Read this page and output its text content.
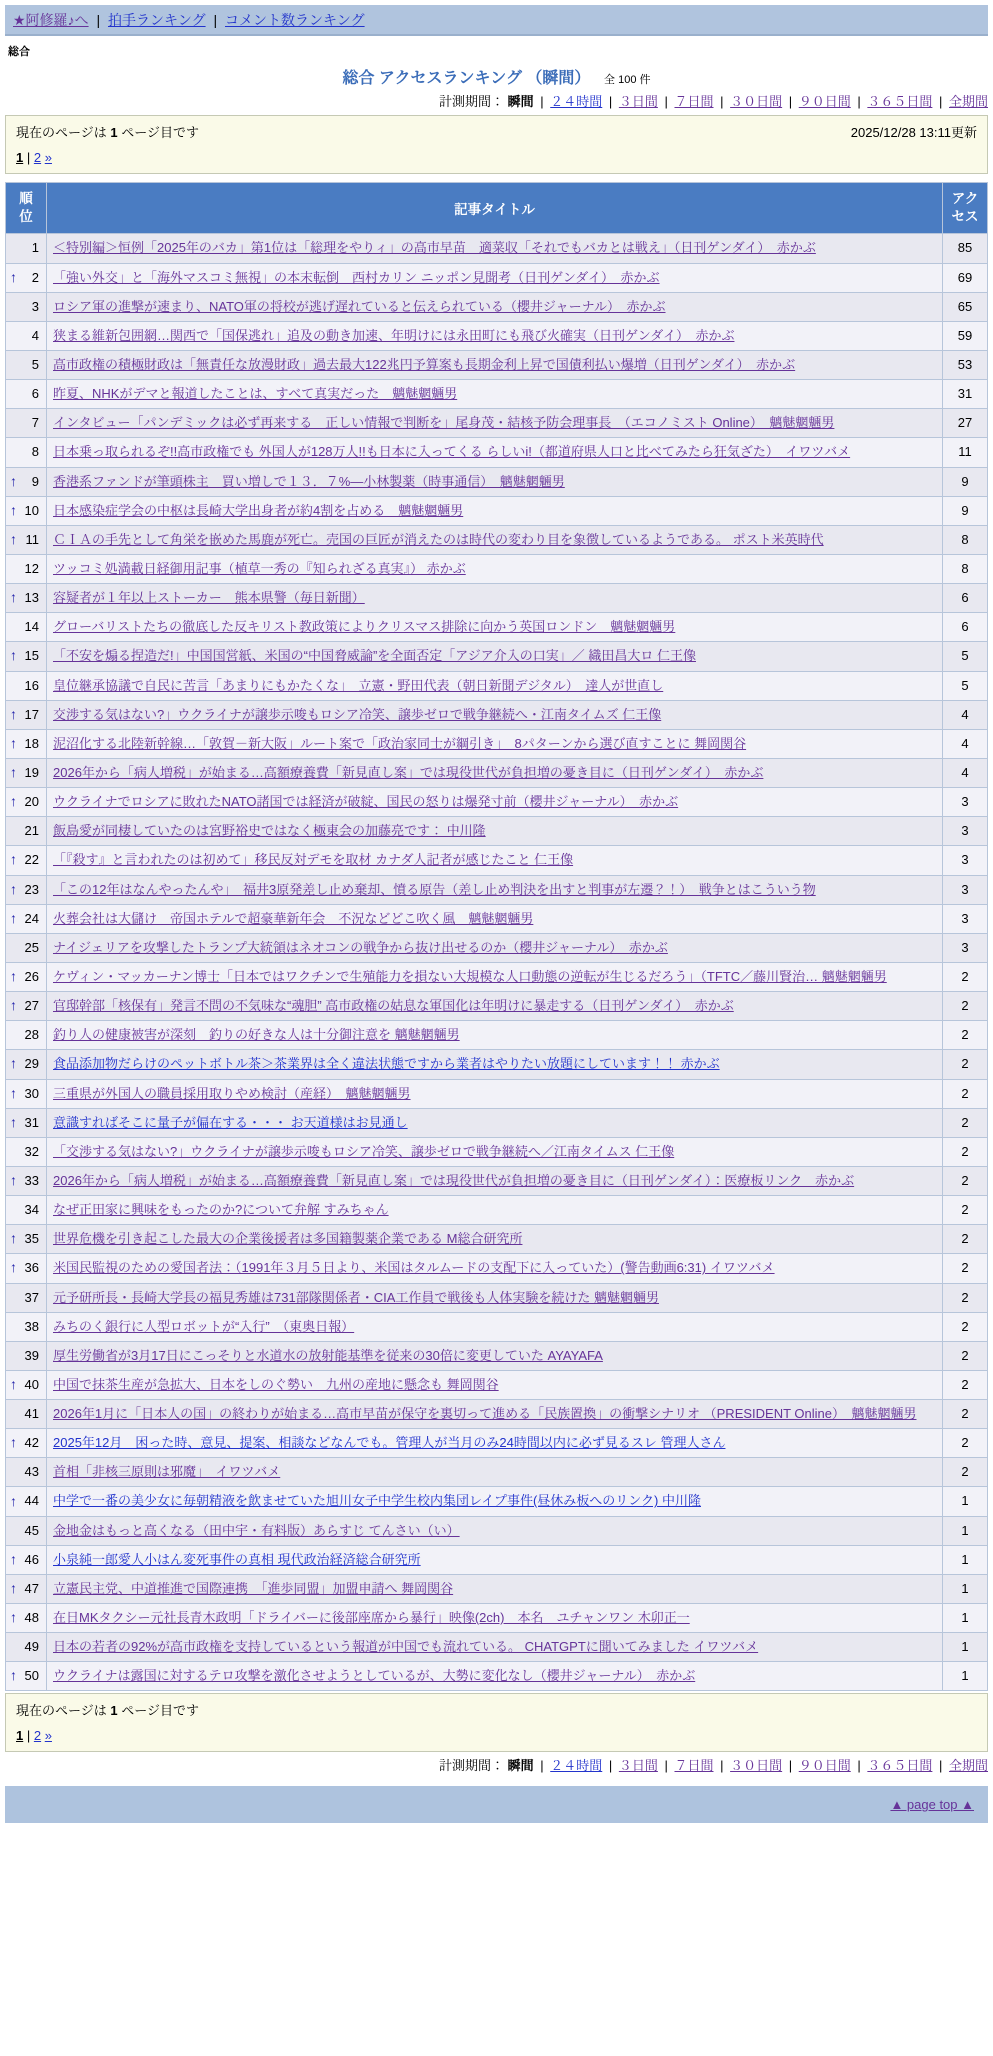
★阿修羅♪へ | 拍手ランキング | コメント数ランキング
総合
総合 アクセスランキング （瞬間） 全 100 件
計測期間： 瞬間 | ２４時間 | ３日間 | ７日間 | ３０日間 | ９０日間 | ３６５日間 | 全期間
現在のページは 1 ページ目です	2025/12/28 13:11更新
1 | 2 »
順位	記事タイトル	アクセス
1	＜特別編＞恒例「2025年のバカ」第1位は「総理をやりィ」の高市早苗　適菜収「それでもバカとは戦え」（日刊ゲンダイ）　赤かぶ	85

↑ 2	「強い外交」と「海外マスコミ無視」の本末転倒　西村カリン ニッポン見聞考（日刊ゲンダイ）　赤かぶ	69
3	ロシア軍の進撃が速まり、NATO軍の将校が逃げ遅れていると伝えられている（櫻井ジャーナル）　赤かぶ	65
4	狭まる維新包囲網…関西で「国保逃れ」追及の動き加速、年明けには永田町にも飛び火確実（日刊ゲンダイ）　赤かぶ	59
5	高市政権の積極財政は「無責任な放漫財政」過去最大122兆円予算案も長期金利上昇で国債利払い爆増（日刊ゲンダイ）　赤かぶ	53
6	昨夏、NHKがデマと報道したことは、すべて真実だった　魑魅魍魎男	31
7	インタビュー「パンデミックは必ず再来する　正しい情報で判断を」尾身茂・結核予防会理事長　（エコノミスト Online）　魑魅魍魎男	27
8	日本乗っ取られるぞ!!高市政権でも 外国人が128万人!!も日本に入ってくる らしいi!（都道府県人口と比べてみたら狂気ざた）　イワツバメ	11

↑ 9	香港系ファンドが筆頭株主　買い増しで１３．７%―小林製薬（時事通信）　魑魅魍魎男	9

↑ 10	日本感染症学会の中枢は長崎大学出身者が約4割を占める　魑魅魍魎男	9

↑ 11	ＣＩＡの手先として角栄を嵌めた馬鹿が死亡。売国の巨匠が消えたのは時代の変わり目を象徴しているようである。 ポスト米英時代	8
12	ツッコミ処満載日経御用記事（植草一秀の『知られざる真実』） 赤かぶ	8

↑ 13	容疑者が１年以上ストーカー　熊本県警（毎日新聞）	6
14	グローバリストたちの徹底した反キリスト教政策によりクリスマス排除に向かう英国ロンドン　魑魅魍魎男	6

↑ 15	「不安を煽る捏造だ!」中国国営紙、米国の“中国脅威論”を全面否定「アジア介入の口実」／ 織田昌大ロ 仁王像	5
16	皇位継承協議で自民に苦言「あまりにもかたくな」　立憲・野田代表（朝日新聞デジタル）　達人が世直し	5

↑ 17	交渉する気はない?」ウクライナが譲歩示唆もロシア冷笑、譲歩ゼロで戦争継続へ・江南タイムズ 仁王像	4

↑ 18	泥沼化する北陸新幹線…「敦賀－新大阪」ルート案で「政治家同士が綱引き」　8パターンから選び直すことに 舞岡関谷	4

↑ 19	2026年から「病人増税」が始まる…高額療養費「新見直し案」では現役世代が負担増の憂き目に（日刊ゲンダイ）　赤かぶ	4

↑ 20	ウクライナでロシアに敗れたNATO諸国では経済が破綻、国民の怒りは爆発寸前（櫻井ジャーナル）　赤かぶ	3
21	飯島愛が同棲していたのは宮野裕史ではなく極東会の加藤亮です： 中川隆	3

↑ 22	「『殺す』と言われたのは初めて」移民反対デモを取材 カナダ人記者が感じたこと 仁王像	3

↑ 23	「この12年はなんやったんや」　福井3原発差し止め棄却、憤る原告（差し止め判決を出すと判事が左遷？！）　戦争とはこういう物	3

↑ 24	火葬会社は大儲け　帝国ホテルで超豪華新年会　不況などどこ吹く風　魑魅魍魎男	3
25	ナイジェリアを攻撃したトランプ大統領はネオコンの戦争から抜け出せるのか（櫻井ジャーナル）　赤かぶ	3

↑ 26	ケヴィン・マッカーナン博士「日本ではワクチンで生殖能力を損ない大規模な人口動態の逆転が生じるだろう」（TFTC／藤川賢治… 魑魅魍魎男	2

↑ 27	官邸幹部「核保有」発言不問の不気味な“魂胆” 高市政権の姑息な軍国化は年明けに暴走する（日刊ゲンダイ）　赤かぶ	2
28	釣り人の健康被害が深刻　釣りの好きな人は十分御注意を 魑魅魍魎男	2

↑ 29	食品添加物だらけのペットボトル茶＞茶業界は全く違法状態ですから業者はやりたい放題にしています！！ 赤かぶ	2

↑ 30	三重県が外国人の職員採用取りやめ検討（産経）　魑魅魍魎男	2

↑ 31	意識すればそこに量子が偏在する・・・ お天道様はお見通し	2
32	「交渉する気はない?」ウクライナが譲歩示唆もロシア冷笑、譲歩ゼロで戦争継続へ／江南タイムス 仁王像	2

↑ 33	2026年から「病人増税」が始まる…高額療養費「新見直し案」では現役世代が負担増の憂き目に（日刊ゲンダイ）：医療板リンク　赤かぶ	2
34	なぜ正田家に興味をもったのか?について弁解 すみちゃん	2

↑ 35	世界危機を引き起こした最大の企業後援者は多国籍製薬企業である M総合研究所	2

↑ 36	米国民監視のための愛国者法：（1991年３月５日より、米国はタルムードの支配下に入っていた）(警告動画6:31) イワツバメ	2
37	元予研所長・長崎大学長の福見秀雄は731部隊関係者・CIA工作員で戦後も人体実験を続けた 魑魅魍魎男	2
38	みちのく銀行に人型ロボットが“入行”　（東奥日報）	2
39	厚生労働省が3月17日にこっそりと水道水の放射能基準を従来の30倍に変更していた AYAYAFA	2

↑ 40	中国で抹茶生産が急拡大、日本をしのぐ勢い　九州の産地に懸念も 舞岡関谷	2
41	2026年1月に「日本人の国」の終わりが始まる…高市早苗が保守を裏切って進める「民族置換」の衝撃シナリオ （PRESIDENT Online）　魑魅魍魎男	2

↑ 42	2025年12月　困った時、意見、提案、相談などなんでも。管理人が当月のみ24時間以内に必ず見るスレ 管理人さん	2
43	首相「非核三原則は邪魔」　イワツバメ	2

↑ 44	中学で一番の美少女に毎朝精液を飲ませていた旭川女子中学生校内集団レイプ事件(昼休み板へのリンク) 中川隆	1
45	金地金はもっと高くなる（田中宇・有料版）あらすじ てんさい（い）	1

↑ 46	小泉純一郎愛人小はん変死事件の真相 現代政治経済総合研究所	1

↑ 47	立憲民主党、中道推進で国際連携　「進歩同盟」加盟申請へ 舞岡関谷	1

↑ 48	在日MKタクシー元社長青木政明「ドライバーに後部座席から暴行」映像(2ch)　本名　ユチャンワン 木卯正一	1
49	日本の若者の92%が高市政権を支持しているという報道が中国でも流れている。 CHATGPTに聞いてみました イワツバメ	1

↑ 50	ウクライナは露国に対するテロ攻撃を激化させようとしているが、大勢に変化なし（櫻井ジャーナル）　赤かぶ	1
現在のページは 1 ページ目です
1 | 2 »
計測期間： 瞬間 | ２４時間 | ３日間 | ７日間 | ３０日間 | ９０日間 | ３６５日間 | 全期間
▲ page top ▲
